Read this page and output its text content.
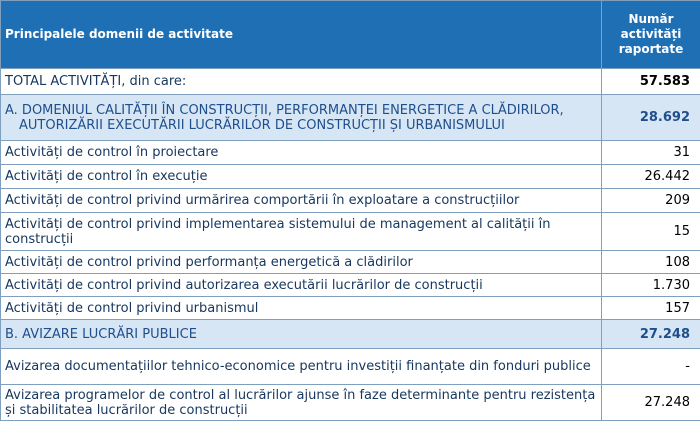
Principalele domenii de activitate	Număr
activități
raportate

TOTAL ACTIVITĂȚI, din care:	57.583

A. DOMENIUL CALITĂȚII ÎN CONSTRUCȚII, PERFORMANȚEI ENERGETICE A CLĂDIRILOR, AUTORIZĂRII EXECUTĂRII LUCRĂRILOR DE CONSTRUCȚII ȘI URBANISMULUI	28.692
Activități de control în proiectare	31
Activități de control în execuție	26.442
Activități de control privind urmărirea comportării în exploatare a construcțiilor	209
Activități de control privind implementarea sistemului de management al calității în construcții	15
Activități de control privind performanța energetică a clădirilor	108
Activități de control privind autorizarea executării lucrărilor de construcții	1.730
Activități de control privind urbanismul	157
B. AVIZARE LUCRĂRI PUBLICE	27.248
Avizarea documentațiilor tehnico-economice pentru investiții finanțate din fonduri publice	-
Avizarea programelor de control al lucrărilor ajunse în faze determinante pentru rezistența și stabilitatea lucrărilor de construcții	27.248
